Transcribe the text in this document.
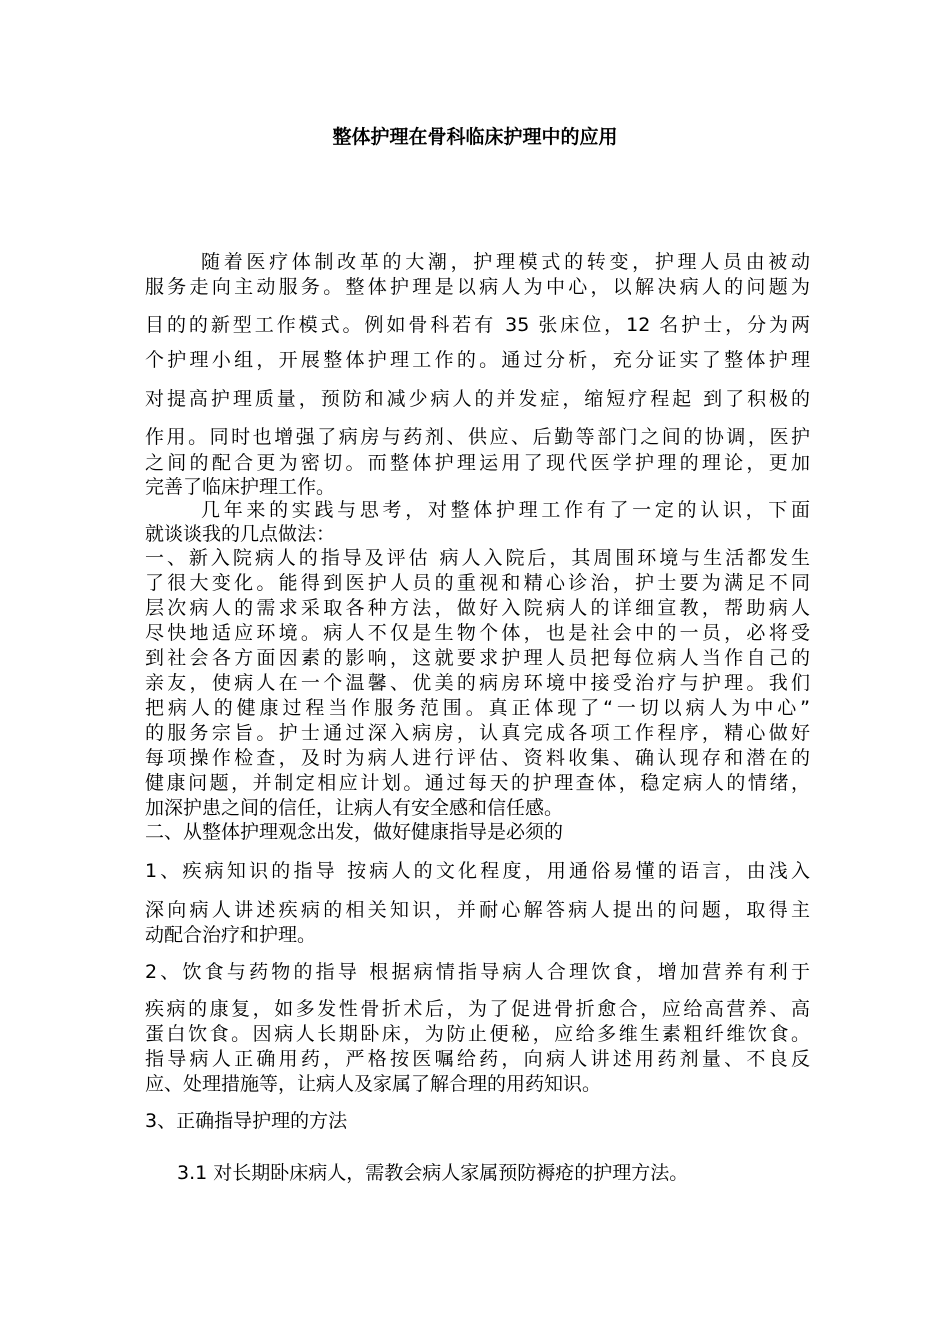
整体护理在骨科临床护理中的应用
随着医疗体制改革的大潮，护理模式的转变，护理人员由被动
服务走向主动服务。整体护理是以病人为中心，以解决病人的问题为
目的的新型工作模式。例如骨科若有 35 张床位，12 名护士，分为两
个护理小组，开展整体护理工作的。通过分析，充分证实了整体护理
对提高护理质量，预防和减少病人的并发症，缩短疗程起 到了积极的
作用。同时也增强了病房与药剂、供应、后勤等部门之间的协调，医护
之间的配合更为密切。而整体护理运用了现代医学护理的理论，更加
完善了临床护理工作。
几年来的实践与思考，对整体护理工作有了一定的认识，下面
就谈谈我的几点做法：
一、新入院病人的指导及评估 病人入院后，其周围环境与生活都发生
了很大变化。能得到医护人员的重视和精心诊治，护士要为满足不同
层次病人的需求采取各种方法，做好入院病人的详细宣教，帮助病人
尽快地适应环境。病人不仅是生物个体，也是社会中的一员，必将受
到社会各方面因素的影响，这就要求护理人员把每位病人当作自己的
亲友，使病人在一个温馨、优美的病房环境中接受治疗与护理。我们
把病人的健康过程当作服务范围。真正体现了“一切以病人为中心”
的服务宗旨。护士通过深入病房，认真完成各项工作程序，精心做好
每项操作检查，及时为病人进行评估、资料收集、确认现存和潜在的
健康问题，并制定相应计划。通过每天的护理查体，稳定病人的情绪，
加深护患之间的信任，让病人有安全感和信任感。
二、从整体护理观念出发，做好健康指导是必须的
1、疾病知识的指导 按病人的文化程度，用通俗易懂的语言，由浅入
深向病人讲述疾病的相关知识，并耐心解答病人提出的问题，取得主
动配合治疗和护理。
2、饮食与药物的指导 根据病情指导病人合理饮食，增加营养有利于
疾病的康复，如多发性骨折术后，为了促进骨折愈合，应给高营养、高
蛋白饮食。因病人长期卧床，为防止便秘，应给多维生素粗纤维饮食。
指导病人正确用药，严格按医嘱给药，向病人讲述用药剂量、不良反
应、处理措施等，让病人及家属了解合理的用药知识。
3、正确指导护理的方法
3.1 对长期卧床病人，需教会病人家属预防褥疮的护理方法。
